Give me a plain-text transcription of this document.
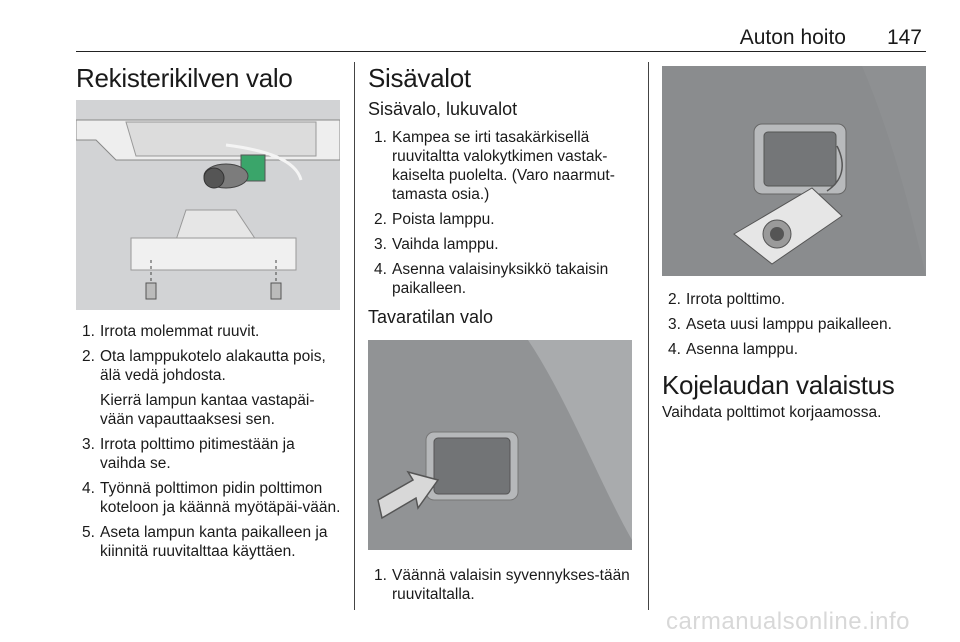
Auton hoito 147
Rekisterikilven valo
1. Irrota molemmat ruuvit.
2. Ota lamppukotelo alakautta pois, älä vedä johdosta.
Kierrä lampun kantaa vastapäi-vään vapauttaaksesi sen.
3. Irrota polttimo pitimestään ja vaihda se.
4. Työnnä polttimon pidin polttimon koteloon ja käännä myötäpäi-vään.
5. Aseta lampun kanta paikalleen ja kiinnitä ruuvitalttaa käyttäen.
Sisävalot
Sisävalo, lukuvalot
1. Kampea se irti tasakärkisellä ruuvitaltta valokytkimen vastak-kaiselta puolelta. (Varo naarmut-tamasta osia.)
2. Poista lamppu.
3. Vaihda lamppu.
4. Asenna valaisinyksikkö takaisin paikalleen.
Tavaratilan valo
1. Väännä valaisin syvennykses-tään ruuvitaltalla.
2. Irrota polttimo.
3. Aseta uusi lamppu paikalleen.
4. Asenna lamppu.
Kojelaudan valaistus

Vaihdata polttimot korjaamossa.

carmanualsonline.info
